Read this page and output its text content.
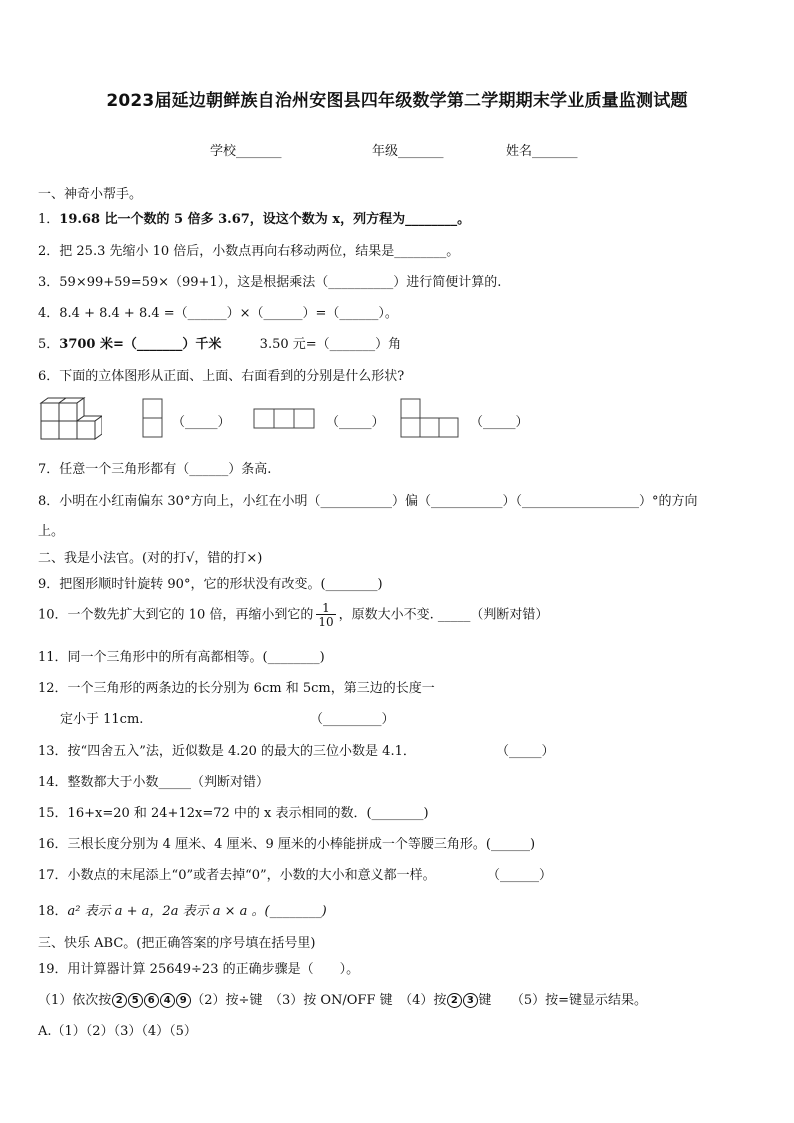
2023届延边朝鲜族自治州安图县四年级数学第二学期期末学业质量监测试题
学校_______	年级_______	姓名_______
一、神奇小帮手。
1．19.68 比一个数的 5 倍多 3.67，设这个数为 x，列方程为________。
2．把 25.3 先缩小 10 倍后，小数点再向右移动两位，结果是________。
3．59×99+59=59×（99+1），这是根据乘法（__________）进行简便计算的.
4．8.4 + 8.4 + 8.4 =（______）×（______）=（______）。
5．3700 米=（_______）千米	3.50 元=（_______）角
6．下面的立体图形从正面、上面、右面看到的分别是什么形状?
（_____）	（_____）	（_____）
7．任意一个三角形都有（______）条高.
8．小明在小红南偏东 30°方向上，小红在小明（___________）偏（___________）（__________________）°的方向
上。
二、我是小法官。(对的打√，错的打×)
9．把图形顺时针旋转 90°，它的形状没有改变。(________)
10．一个数先扩大到它的 10 倍，再缩小到它的 $\frac{1}{10}$ ，原数大小不变. _____（判断对错）
11．同一个三角形中的所有高都相等。(________)
12．一个三角形的两条边的长分别为 6cm 和 5cm，第三边的长度一
定小于 11cm.	（_________）
13．按“四舍五入”法，近似数是 4.20 的最大的三位小数是 4.1．	（_____）
14．整数都大于小数_____（判断对错）
15．16+x=20 和 24+12x=72 中的 x 表示相同的数．(________)
16．三根长度分别为 4 厘米、4 厘米、9 厘米的小棒能拼成一个等腰三角形。(______)
17．小数点的末尾添上“0”或者去掉“0”，小数的大小和意义都一样。	（______）
18．a² 表示 a + a，2a 表示 a × a 。(________)
三、快乐 ABC。(把正确答案的序号填在括号里)
19．用计算器计算 25649÷23 的正确步骤是（　　）。
（1）依次按 2 5 6 4 9 （2）按÷键　（3）按 ON/OFF 键　（4）按 2 3 键　　（5）按=键显示结果。
A.（1）（2）（3）（4）（5）
